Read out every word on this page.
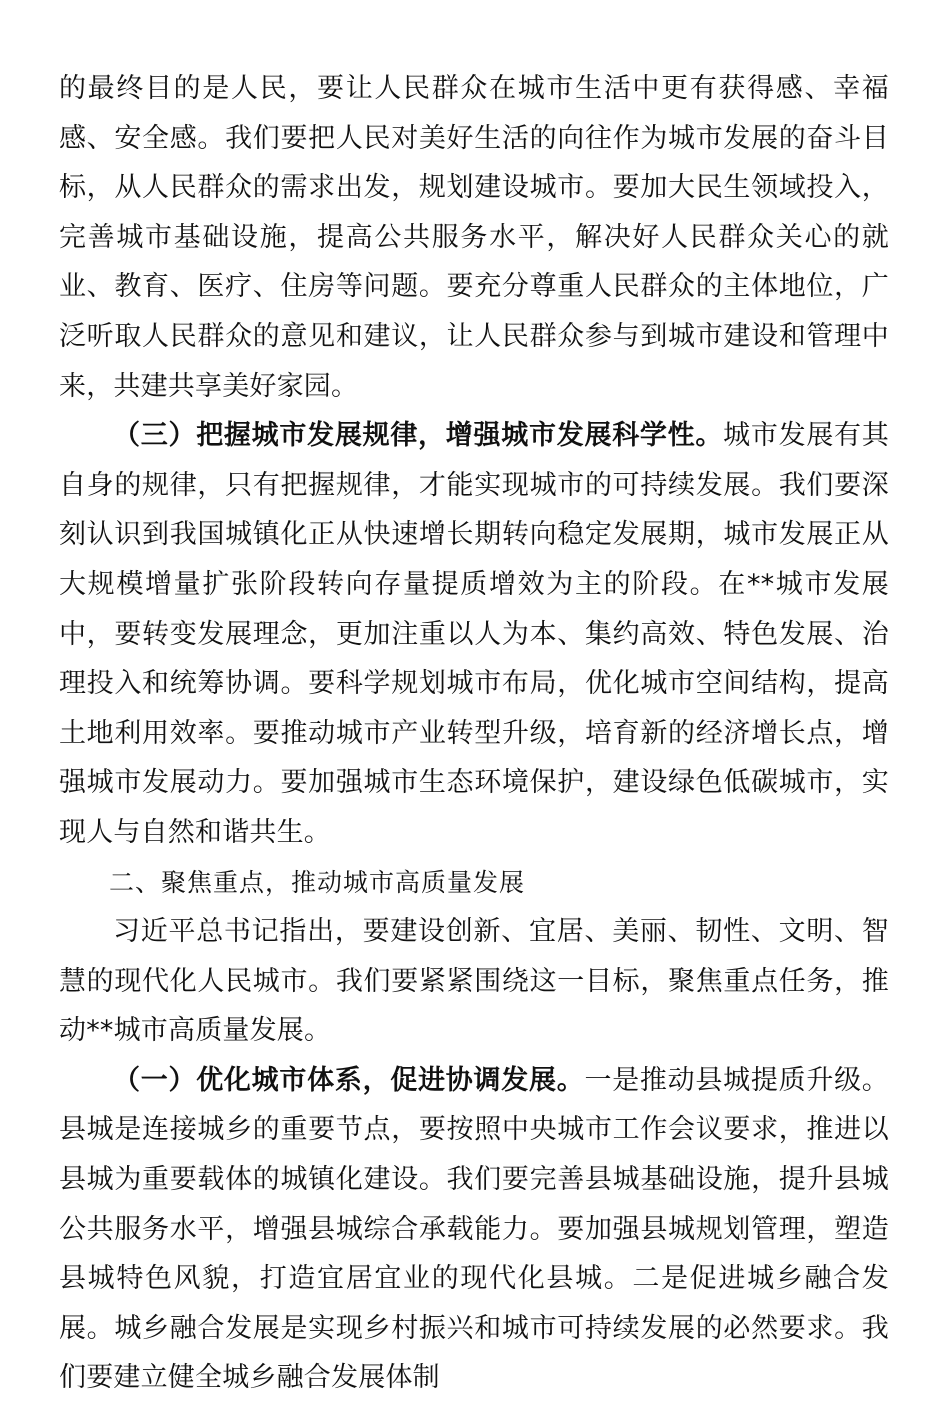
的最终目的是人民，要让人民群众在城市生活中更有获得感、幸福感、安全感。我们要把人民对美好生活的向往作为城市发展的奋斗目标，从人民群众的需求出发，规划建设城市。要加大民生领域投入，完善城市基础设施，提高公共服务水平，解决好人民群众关心的就业、教育、医疗、住房等问题。要充分尊重人民群众的主体地位，广泛听取人民群众的意见和建议，让人民群众参与到城市建设和管理中来，共建共享美好家园。

（三）把握城市发展规律，增强城市发展科学性。城市发展有其自身的规律，只有把握规律，才能实现城市的可持续发展。我们要深刻认识到我国城镇化正从快速增长期转向稳定发展期，城市发展正从大规模增量扩张阶段转向存量提质增效为主的阶段。在**城市发展中，要转变发展理念，更加注重以人为本、集约高效、特色发展、治理投入和统筹协调。要科学规划城市布局，优化城市空间结构，提高土地利用效率。要推动城市产业转型升级，培育新的经济增长点，增强城市发展动力。要加强城市生态环境保护，建设绿色低碳城市，实现人与自然和谐共生。

二、聚焦重点，推动城市高质量发展

习近平总书记指出，要建设创新、宜居、美丽、韧性、文明、智慧的现代化人民城市。我们要紧紧围绕这一目标，聚焦重点任务，推动**城市高质量发展。

（一）优化城市体系，促进协调发展。一是推动县城提质升级。县城是连接城乡的重要节点，要按照中央城市工作会议要求，推进以县城为重要载体的城镇化建设。我们要完善县城基础设施，提升县城公共服务水平，增强县城综合承载能力。要加强县城规划管理，塑造县城特色风貌，打造宜居宜业的现代化县城。二是促进城乡融合发展。城乡融合发展是实现乡村振兴和城市可持续发展的必然要求。我们要建立健全城乡融合发展体制
